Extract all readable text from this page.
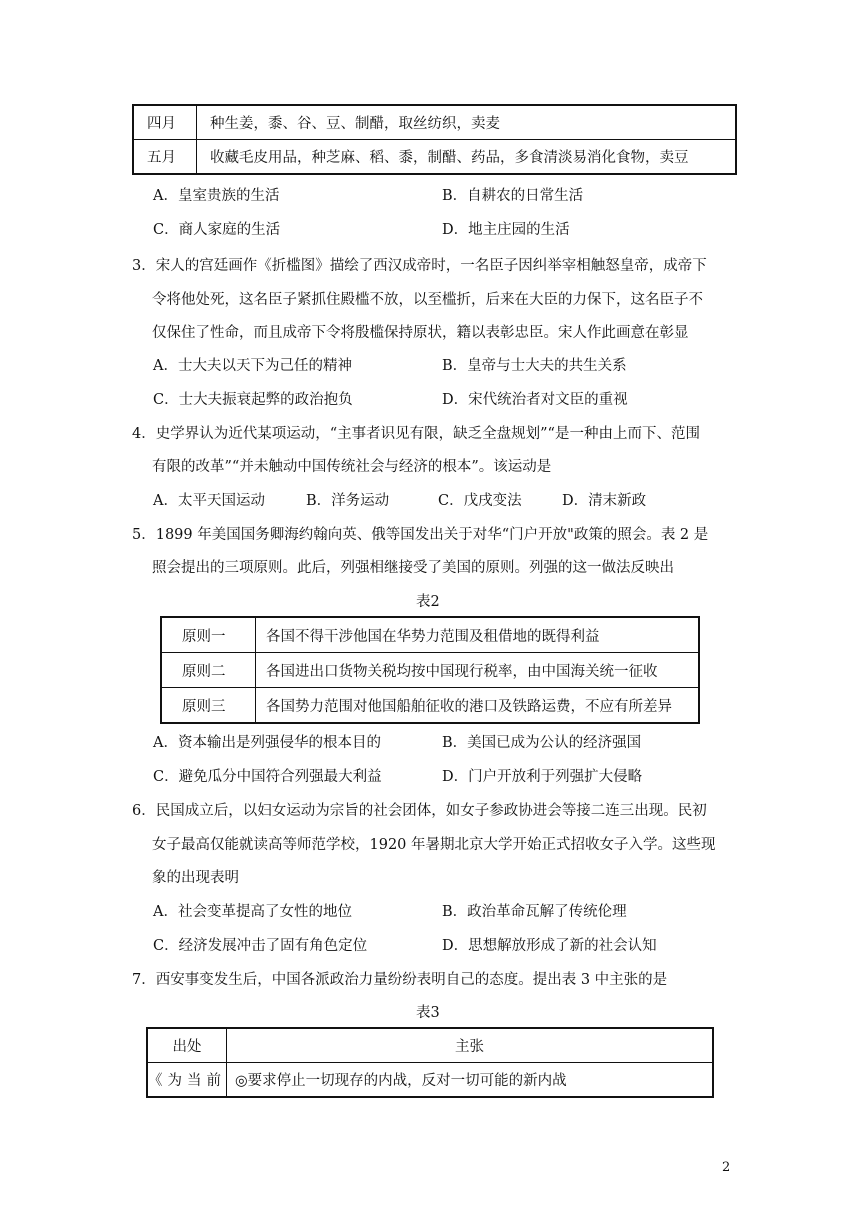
四月	种生姜，黍、谷、豆、制醋，取丝纺织，卖麦
五月	收藏毛皮用品，种芝麻、稻、黍，制醋、药品，多食清淡易消化食物，卖豆
A．皇室贵族的生活	B．自耕农的日常生活
C．商人家庭的生活	D．地主庄园的生活
3．宋人的宫廷画作《折槛图》描绘了西汉成帝时，一名臣子因纠举宰相触怒皇帝，成帝下
令将他处死，这名臣子紧抓住殿槛不放，以至槛折，后来在大臣的力保下，这名臣子不
仅保住了性命，而且成帝下令将殷槛保持原状，籍以表彰忠臣。宋人作此画意在彰显
A．士大夫以天下为己任的精神	B．皇帝与士大夫的共生关系
C．士大夫振衰起弊的政治抱负	D．宋代统治者对文臣的重视
4．史学界认为近代某项运动，“主事者识见有限，缺乏全盘规划”“是一种由上而下、范围
有限的改革”“并未触动中国传统社会与经济的根本”。该运动是
A．太平天国运动	B．洋务运动	C．戊戌变法	D．清末新政
5．1899 年美国国务卿海约翰向英、俄等国发出关于对华“门户开放"政策的照会。表 2 是
照会提出的三项原则。此后，列强相继接受了美国的原则。列强的这一做法反映出
表2
原则一	各国不得干涉他国在华势力范围及租借地的既得利益
原则二	各国进出口货物关税均按中国现行税率，由中国海关统一征收
原则三	各国势力范围对他国船舶征收的港口及铁路运费，不应有所差异
A．资本输出是列强侵华的根本目的	B．美国已成为公认的经济强国
C．避免瓜分中国符合列强最大利益	D．门户开放利于列强扩大侵略
6．民国成立后，以妇女运动为宗旨的社会团体，如女子参政协进会等接二连三出现。民初
女子最高仅能就读高等师范学校，1920 年暑期北京大学开始正式招收女子入学。这些现
象的出现表明
A．社会变革提高了女性的地位	B．政治革命瓦解了传统伦理
C．经济发展冲击了固有角色定位	D．思想解放形成了新的社会认知
7．西安事变发生后，中国各派政治力量纷纷表明自己的态度。提出表 3 中主张的是
表3
出处	主张
《为当前	◎要求停止一切现存的内战，反对一切可能的新内战
2
